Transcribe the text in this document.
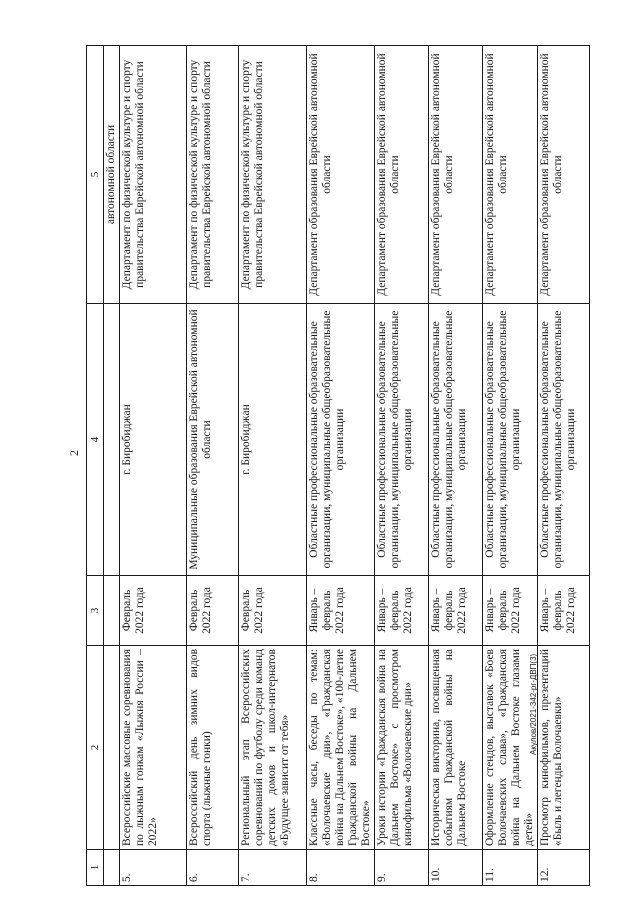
2
Акулов/2021-342-рг-ДВП(3)
1	2	3	4	5
				автономной области
5.	Всероссийские массовые соревнования по лыжным гонкам «Лыжня России – 2022»	Февраль 2022 года	г. Биробиджан	Департамент по физической культуре и спорту правительства Еврейской автономной области
6.	Всероссийский день зимних видов спорта (лыжные гонки)	Февраль 2022 года	Муниципальные образования Еврейской автономной области	Департамент по физической культуре и спорту правительства Еврейской автономной области
7.	Региональный этап Всероссийских соревнований по футболу среди команд детских домов и школ-интернатов «Будущее зависит от тебя»	Февраль 2022 года	г. Биробиджан	Департамент по физической культуре и спорту правительства Еврейской автономной области
8.	Классные часы, беседы по темам: «Волочаевские дни», «Гражданская война на Дальнем Востоке», «100-летие Гражданской войны на Дальнем Востоке»	Январь – февраль 2022 года	Областные профессиональные образовательные организации, муниципальные общеобразовательные организации	Департамент образования Еврейской автономной области
9.	Уроки истории «Гражданская война на Дальнем Востоке» с просмотром кинофильма «Волочаевские дни»	Январь – февраль 2022 года	Областные профессиональные образовательные организации, муниципальные общеобразовательные организации	Департамент образования Еврейской автономной области
10.	Историческая викторина, посвященная событиям Гражданской войны на Дальнем Востоке	Январь – февраль 2022 года	Областные профессиональные образовательные организации, муниципальные общеобразовательные организации	Департамент образования Еврейской автономной области
11.	Оформление стендов, выставок «Боев Волочаевских слава», «Гражданская война на Дальнем Востоке глазами детей»	Январь – февраль 2022 года	Областные профессиональные образовательные организации, муниципальные общеобразовательные организации	Департамент образования Еврейской автономной области
12.	Просмотр кинофильмов, презентаций «Быль и легенды Волочаевки»	Январь – февраль 2022 года	Областные профессиональные образовательные организации, муниципальные общеобразовательные организации	Департамент образования Еврейской автономной области
